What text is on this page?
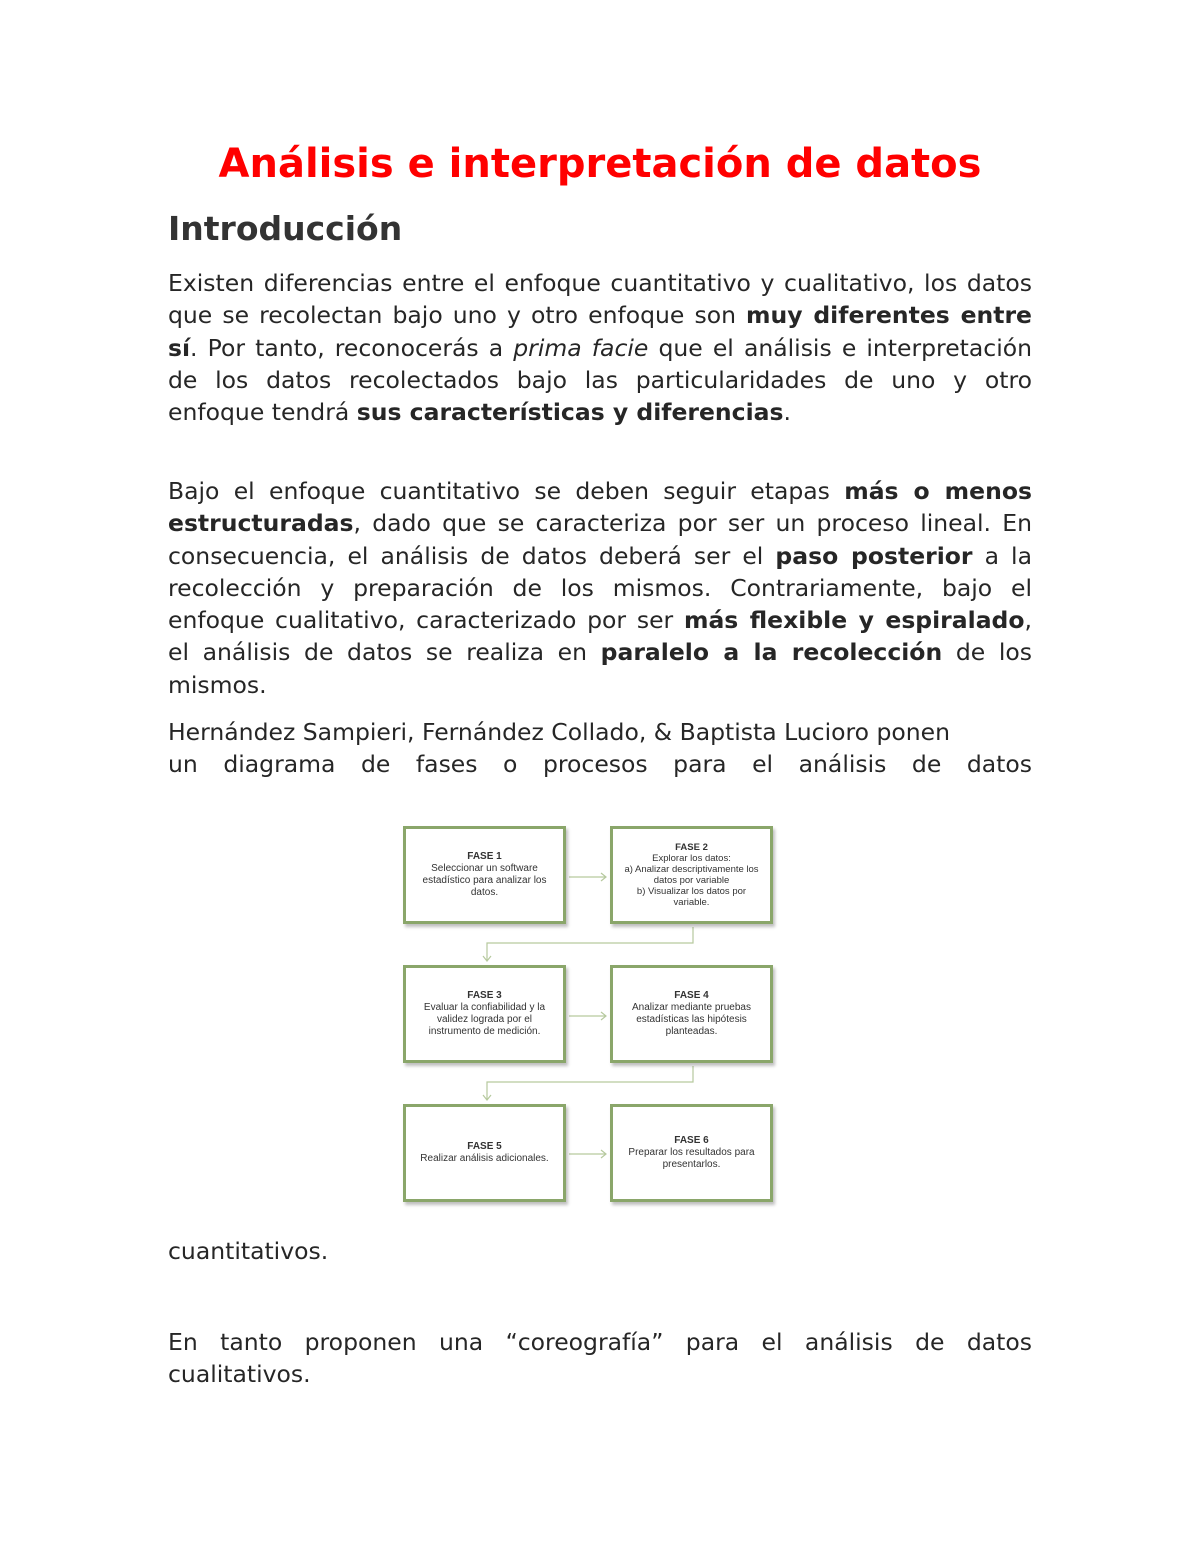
Análisis e interpretación de datos
Introducción

Existen diferencias entre el enfoque cuantitativo y cualitativo, los datos que se recolectan bajo uno y otro enfoque son muy diferentes entre sí. Por tanto, reconocerás a prima facie que el análisis e interpretación de los datos recolectados bajo las particularidades de uno y otro enfoque tendrá sus características y diferencias.

Bajo el enfoque cuantitativo se deben seguir etapas más o menos estructuradas, dado que se caracteriza por ser un proceso lineal. En consecuencia, el análisis de datos deberá ser el paso posterior a la recolección y preparación de los mismos. Contrariamente, bajo el enfoque cualitativo, caracterizado por ser más flexible y espiralado, el análisis de datos se realiza en paralelo a la recolección de los mismos.

Hernández Sampieri, Fernández Collado, & Baptista Lucioro ponen

un diagrama de fases o procesos para el análisis de datos

cuantitativos.

En tanto proponen una “coreografía” para el análisis de datos cualitativos.

FASE 1
Seleccionar un software estadístico para analizar los datos.
FASE 2
Explorar los datos:
a) Analizar descriptivamente los datos por variable
b) Visualizar los datos por variable.
FASE 3
Evaluar la confiabilidad y la validez lograda por el instrumento de medición.
FASE 4
Analizar mediante pruebas estadísticas las hipótesis planteadas.
FASE 5
Realizar análisis adicionales.
FASE 6
Preparar los resultados para presentarlos.
